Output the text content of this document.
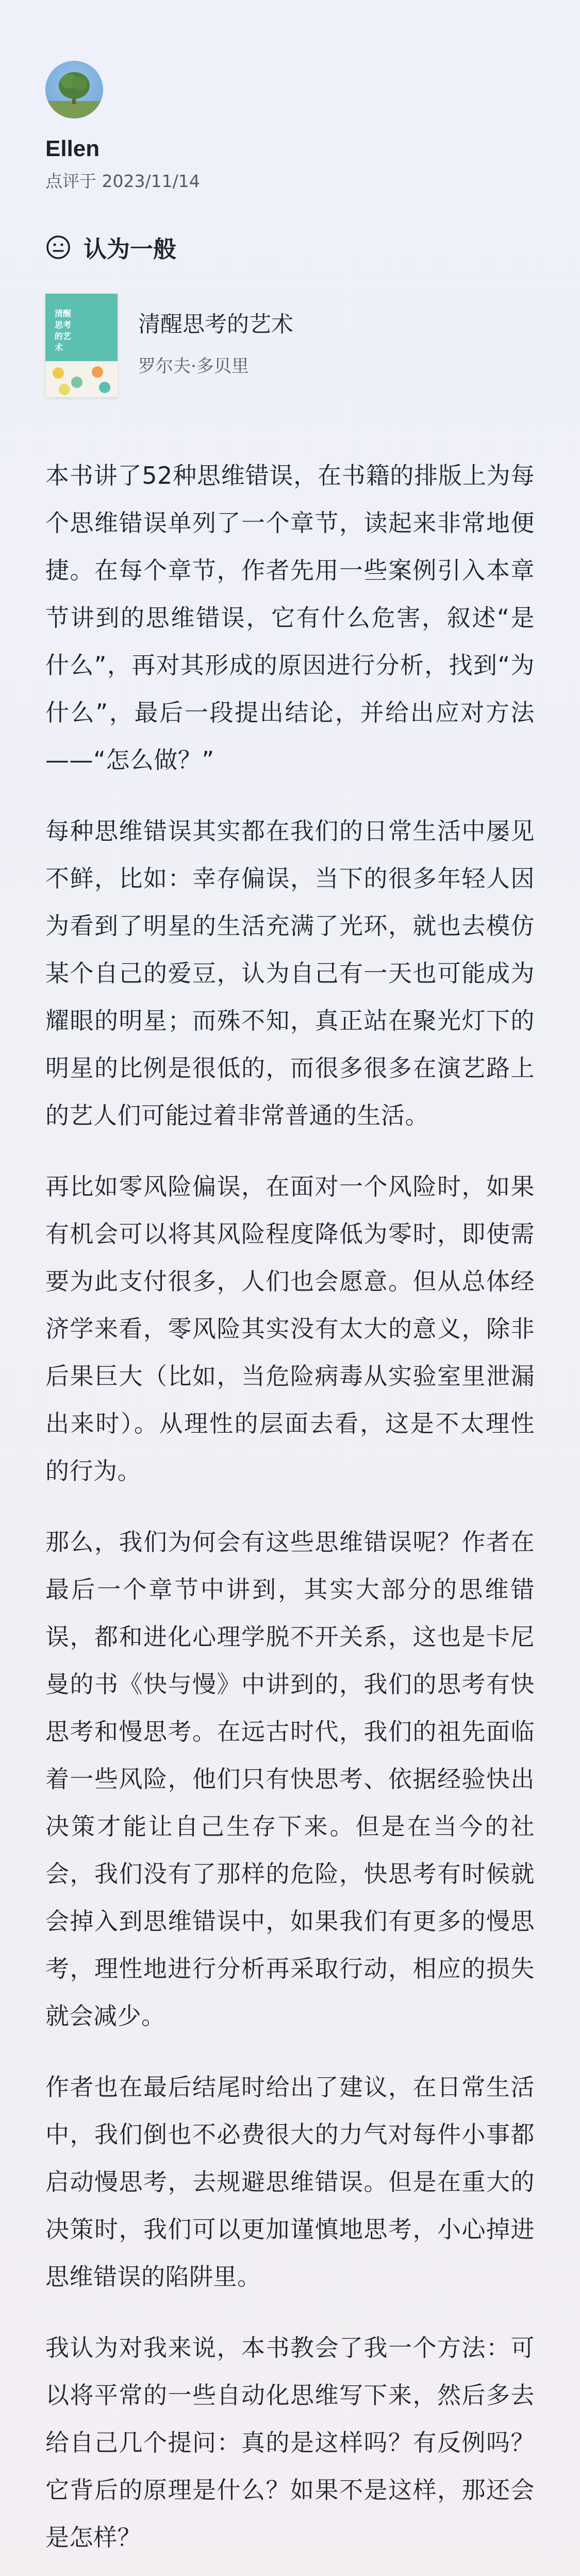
Ellen
点评于 2023/11/14
认为一般
清醒思考的艺术
清醒思考的艺术
罗尔夫·多贝里

本书讲了52种思维错误，在书籍的排版上为每个思维错误单列了一个章节，读起来非常地便捷。在每个章节，作者先用一些案例引入本章节讲到的思维错误，它有什么危害，叙述“是什么”，再对其形成的原因进行分析，找到“为什么”，最后一段提出结论，并给出应对方法——“怎么做？”

每种思维错误其实都在我们的日常生活中屡见不鲜，比如：幸存偏误，当下的很多年轻人因为看到了明星的生活充满了光环，就也去模仿某个自己的爱豆，认为自己有一天也可能成为耀眼的明星；而殊不知，真正站在聚光灯下的明星的比例是很低的，而很多很多在演艺路上的艺人们可能过着非常普通的生活。

再比如零风险偏误，在面对一个风险时，如果有机会可以将其风险程度降低为零时，即使需要为此支付很多，人们也会愿意。但从总体经济学来看，零风险其实没有太大的意义，除非后果巨大（比如，当危险病毒从实验室里泄漏出来时）。从理性的层面去看，这是不太理性的行为。

那么，我们为何会有这些思维错误呢？作者在最后一个章节中讲到，其实大部分的思维错误，都和进化心理学脱不开关系，这也是卡尼曼的书《快与慢》中讲到的，我们的思考有快思考和慢思考。在远古时代，我们的祖先面临着一些风险，他们只有快思考、依据经验快出决策才能让自己生存下来。但是在当今的社会，我们没有了那样的危险，快思考有时候就会掉入到思维错误中，如果我们有更多的慢思考，理性地进行分析再采取行动，相应的损失就会减少。

作者也在最后结尾时给出了建议，在日常生活中，我们倒也不必费很大的力气对每件小事都启动慢思考，去规避思维错误。但是在重大的决策时，我们可以更加谨慎地思考，小心掉进思维错误的陷阱里。

我认为对我来说，本书教会了我一个方法：可以将平常的一些自动化思维写下来，然后多去给自己几个提问：真的是这样吗？有反例吗？它背后的原理是什么？如果不是这样，那还会是怎样？
